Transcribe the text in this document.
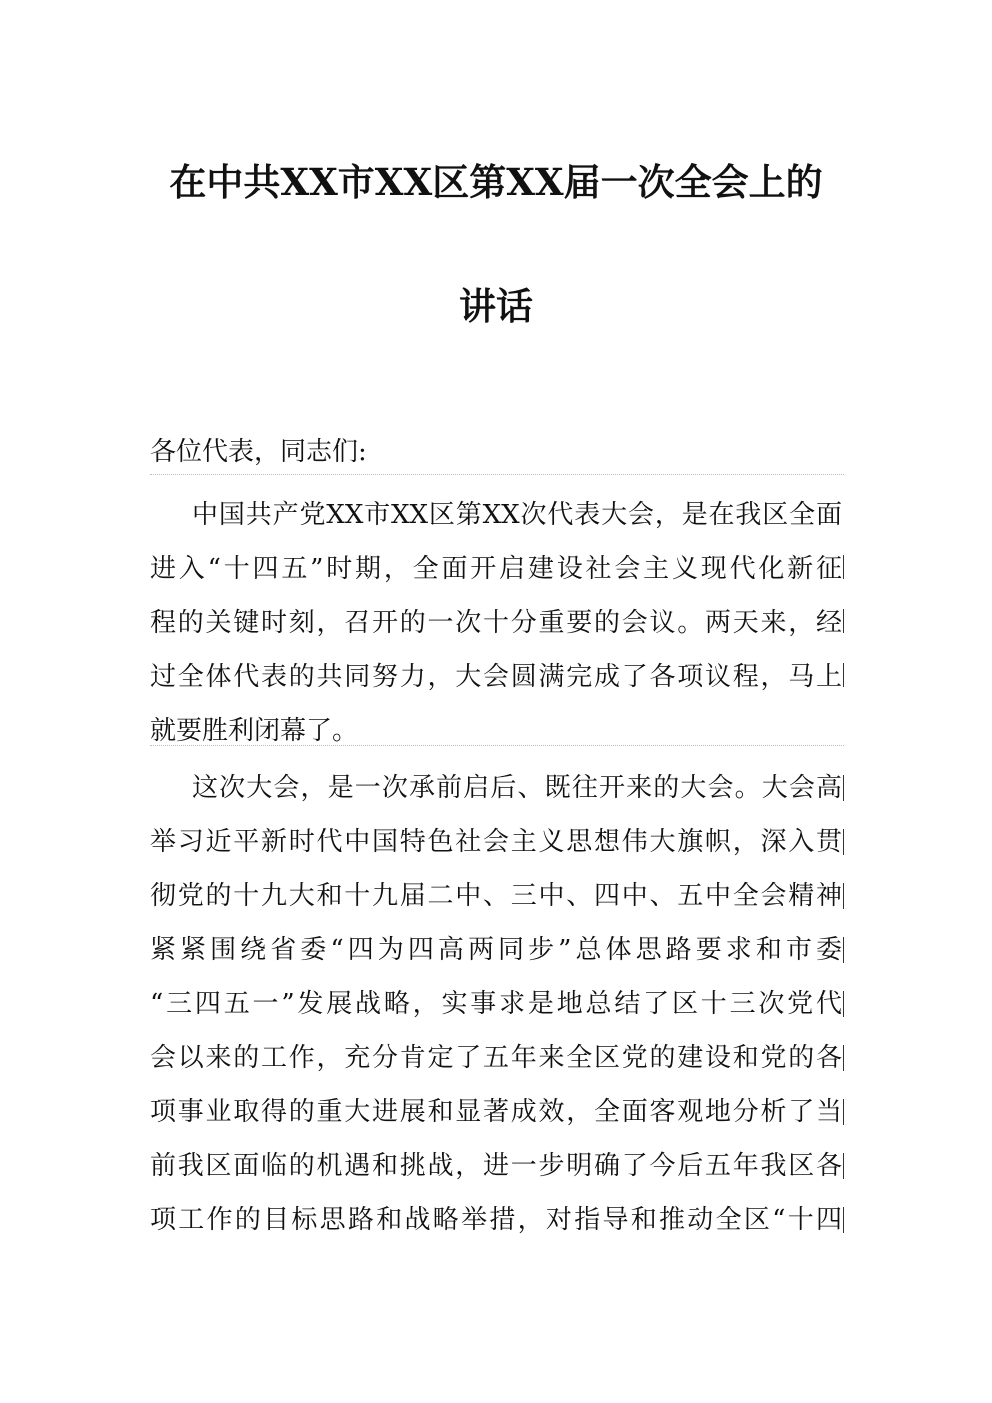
在中共XX市XX区第XX届一次全会上的
讲话
各位代表，同志们:
中国共产党XX市XX区第XX次代表大会，是在我区全面
进入“十四五”时期，全面开启建设社会主义现代化新征
程的关键时刻，召开的一次十分重要的会议。两天来，经
过全体代表的共同努力，大会圆满完成了各项议程，马上
就要胜利闭幕了。
这次大会，是一次承前启后、既往开来的大会。大会高
举习近平新时代中国特色社会主义思想伟大旗帜，深入贯
彻党的十九大和十九届二中、三中、四中、五中全会精神
紧紧围绕省委“四为四高两同步”总体思路要求和市委
“三四五一”发展战略，实事求是地总结了区十三次党代
会以来的工作，充分肯定了五年来全区党的建设和党的各
项事业取得的重大进展和显著成效，全面客观地分析了当
前我区面临的机遇和挑战，进一步明确了今后五年我区各
项工作的目标思路和战略举措，对指导和推动全区“十四
